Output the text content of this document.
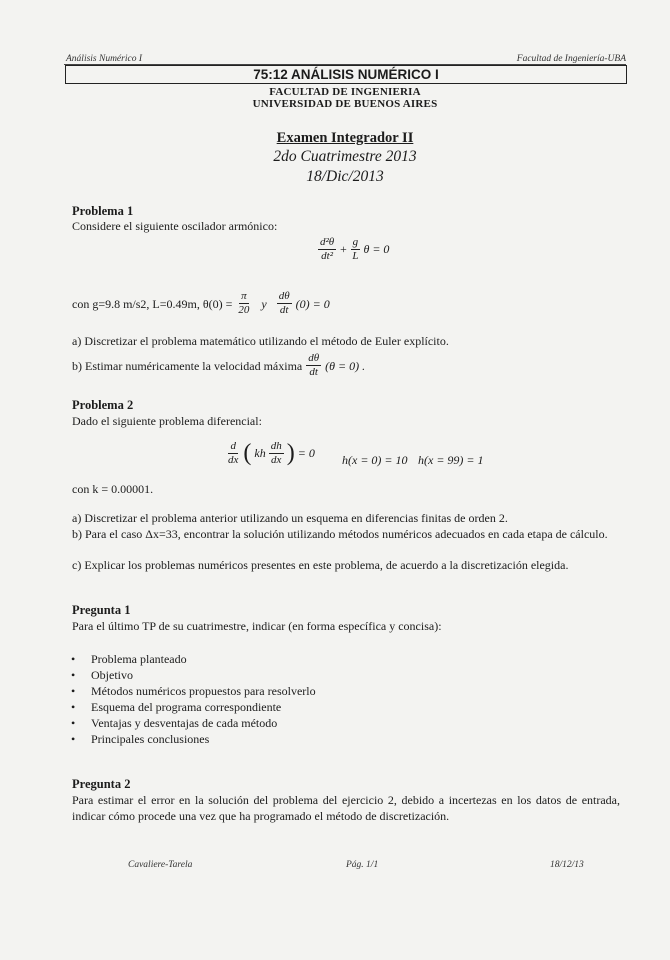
Análisis Numérico I	Facultad de Ingeniería-UBA
75:12 ANÁLISIS NUMÉRICO I
FACULTAD DE INGENIERIA
UNIVERSIDAD DE BUENOS AIRES
Examen Integrador II
2do Cuatrimestre 2013
18/Dic/2013
Problema 1
Considere el siguiente oscilador armónico:
$\frac{\text{d²θ}}{\text{dt²}} + \frac{g}{L}$ θ = 0
con g=9.8 m/s2, L=0.49m, $\theta(0) = \frac{\pi}{20}$ y $\frac{d\theta}{dt} (0) = 0$
a) Discretizar el problema matemático utilizando el método de Euler explícito.
b) Estimar numéricamente la velocidad máxima $\frac{d\theta}{dt} (\theta = 0)$ .
Problema 2
Dado el siguiente problema diferencial:
$\frac{d}{dx}$ ( kh $\frac{dh}{dx}$ ) = 0 h(x = 0) = 10 h(x = 99) = 1
con k = 0.00001.
a) Discretizar el problema anterior utilizando un esquema en diferencias finitas de orden 2.
b) Para el caso Δx=33, encontrar la solución utilizando métodos numéricos adecuados en cada etapa de cálculo.
c) Explicar los problemas numéricos presentes en este problema, de acuerdo a la discretización elegida.
Pregunta 1
Para el último TP de su cuatrimestre, indicar (en forma específica y concisa):
• Problema planteado
• Objetivo
• Métodos numéricos propuestos para resolverlo
• Esquema del programa correspondiente
• Ventajas y desventajas de cada método
• Principales conclusiones
Pregunta 2
Para estimar el error en la solución del problema del ejercicio 2, debido a incertezas en los datos de entrada, indicar cómo procede una vez que ha programado el método de discretización.
Cavaliere-Tarela	Pág. 1/1	18/12/13
